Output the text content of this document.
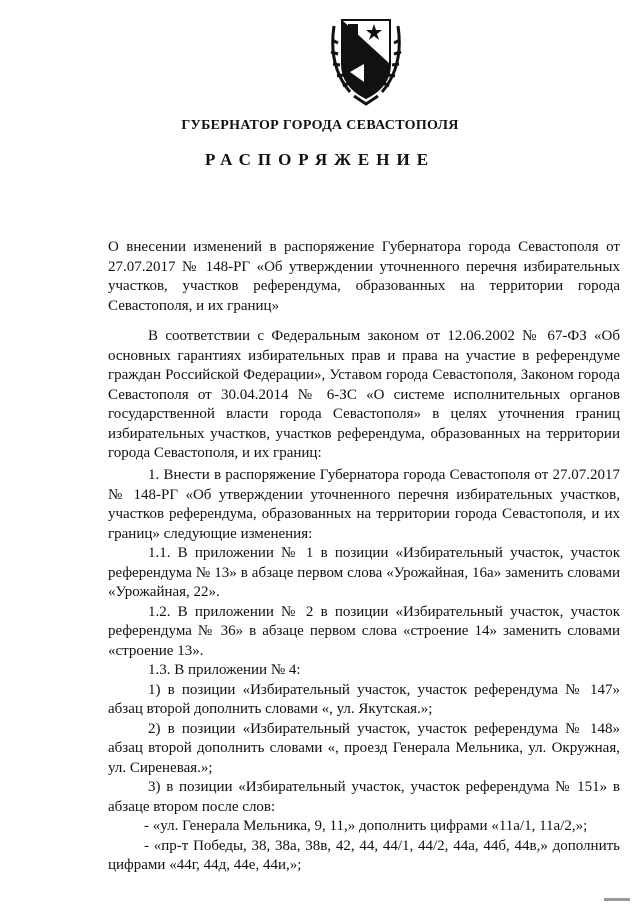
ГУБЕРНАТОР ГОРОДА СЕВАСТОПОЛЯ
РАСПОРЯЖЕНИЕ

О внесении изменений в распоряжение Губернатора города Севастополя от 27.07.2017 № 148-РГ «Об утверждении уточненного перечня избирательных участков, участков референдума, образованных на территории города Севастополя, и их границ»

В соответствии с Федеральным законом от 12.06.2002 № 67-ФЗ «Об основных гарантиях избирательных прав и права на участие в референдуме граждан Российской Федерации», Уставом города Севастополя, Законом города Севастополя от 30.04.2014 № 6-ЗС «О системе исполнительных органов государственной власти города Севастополя» в целях уточнения границ избирательных участков, участков референдума, образованных на территории города Севастополя, и их границ:

1. Внести в распоряжение Губернатора города Севастополя от 27.07.2017 № 148-РГ «Об утверждении уточненного перечня избирательных участков, участков референдума, образованных на территории города Севастополя, и их границ» следующие изменения:

1.1. В приложении № 1 в позиции «Избирательный участок, участок референдума № 13» в абзаце первом слова «Урожайная, 16а» заменить словами «Урожайная, 22».

1.2. В приложении № 2 в позиции «Избирательный участок, участок референдума № 36» в абзаце первом слова «строение 14» заменить словами «строение 13».

1.3. В приложении № 4:

1) в позиции «Избирательный участок, участок референдума № 147» абзац второй дополнить словами «, ул. Якутская.»;

2) в позиции «Избирательный участок, участок референдума № 148» абзац второй дополнить словами «, проезд Генерала Мельника, ул. Окружная, ул. Сиреневая.»;

3) в позиции «Избирательный участок, участок референдума № 151» в абзаце втором после слов:

- «ул. Генерала Мельника, 9, 11,» дополнить цифрами «11а/1, 11а/2,»;

- «пр-т Победы, 38, 38а, 38в, 42, 44, 44/1, 44/2, 44а, 44б, 44в,» дополнить цифрами «44г, 44д, 44е, 44и,»;
